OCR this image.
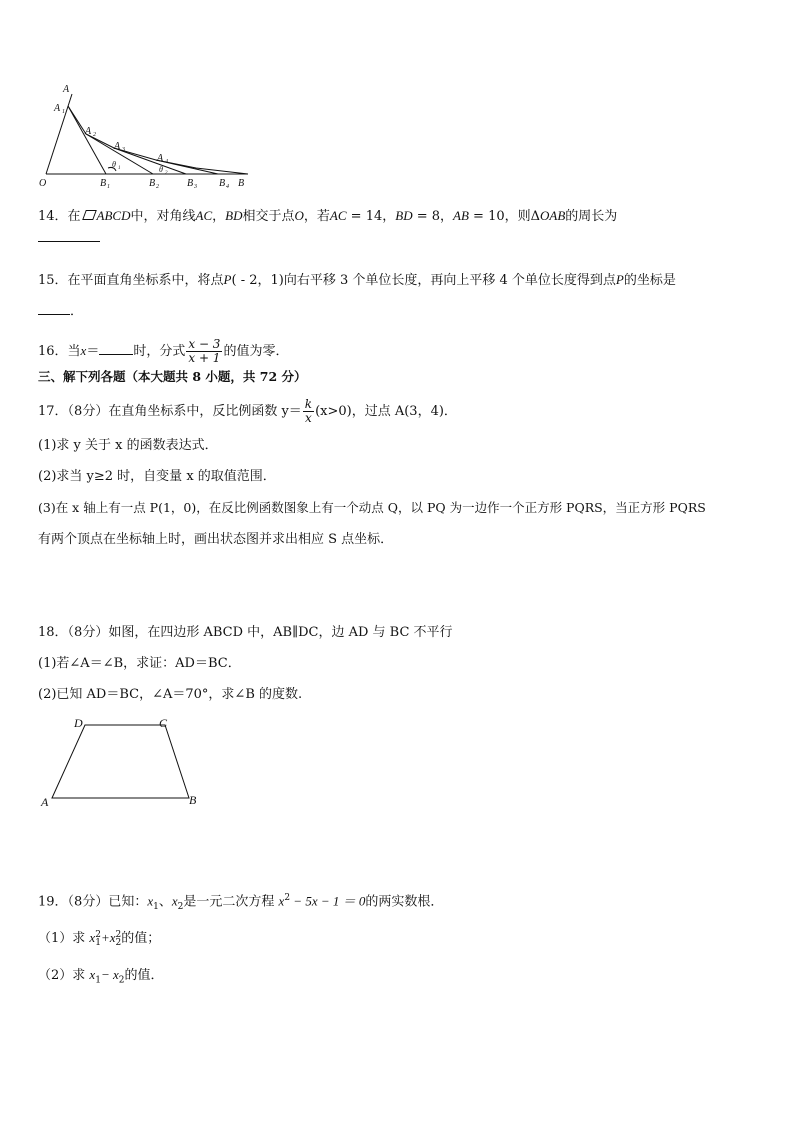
A
A 1
A 2
A 3
A 4
θ 1	θ 2
O	B 1	B 2	B 3 B 4 B
14．在 ABCD中，对角线AC，BD相交于点O，若AC = 14，BD = 8，AB = 10，则ΔOAB的周长为
15．在平面直角坐标系中，将点P( - 2，1)向右平移 3 个单位长度，再向上平移 4 个单位长度得到点P的坐标是
．
16．当x＝	时，分式 $\frac{x - 3}{x + 1}$ 的值为零．
三、解下列各题（本大题共 8 小题，共 72 分）
17．（8分）在直角坐标系中，反比例函数 $y= \frac{k}{x} (x>0)$，过点 A(3，4)．
(1)求 y 关于 x 的函数表达式．
(2)求当 y≥2 时，自变量 x 的取值范围．
(3)在 x 轴上有一点 P(1，0)，在反比例函数图象上有一个动点 Q，以 PQ 为一边作一个正方形 PQRS，当正方形 PQRS
有两个顶点在坐标轴上时，画出状态图并求出相应 S 点坐标．
18．（8分）如图，在四边形 ABCD 中，AB∥DC，边 AD 与 BC 不平行
(1)若∠A＝∠B，求证：AD＝BC．
(2)已知 AD＝BC，∠A＝70°，求∠B 的度数.
D	C
A	B
19．（8分）已知：$x_1$、$x_2$是一元二次方程 $x^2 - 5x - 1 = 0$的两实数根．
（1）求 x 2
1 +x 2
2 的值；
（2）求 $x_1- x_2$的值．
